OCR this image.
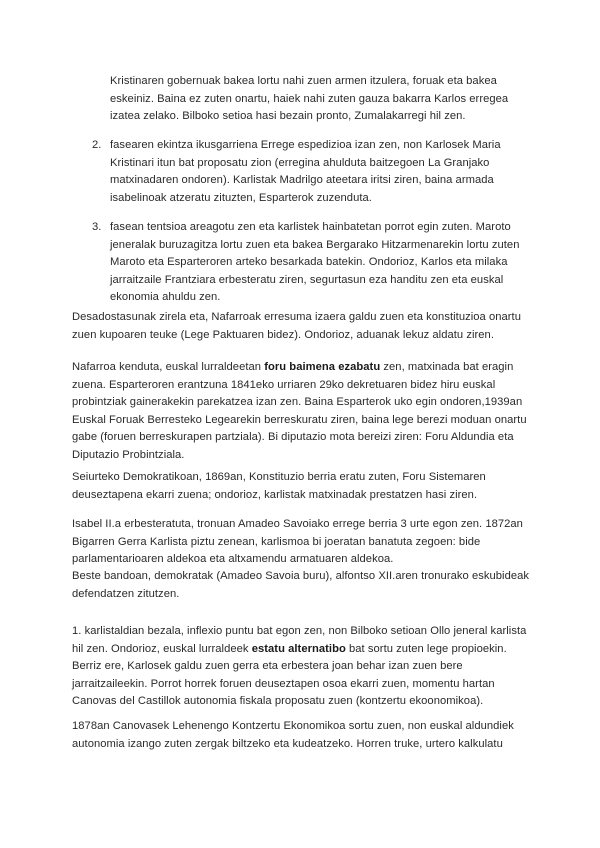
Kristinaren gobernuak bakea lortu nahi zuen armen itzulera, foruak eta bakea eskeiniz. Baina ez zuten onartu, haiek nahi zuten gauza bakarra Karlos erregea izatea zelako. Bilboko setioa hasi bezain pronto, Zumalakarregi hil zen.

2. fasearen ekintza ikusgarriena Errege espedizioa izan zen, non Karlosek Maria Kristinari itun bat proposatu zion (erregina ahulduta baitzegoen La Granjako matxinadaren ondoren). Karlistak Madrilgo ateetara iritsi ziren, baina armada isabelinoak atzeratu zituzten, Esparterok zuzenduta.

3. fasean tentsioa areagotu zen eta karlistek hainbatetan porrot egin zuten. Maroto jeneralak buruzagitza lortu zuen eta bakea Bergarako Hitzarmenarekin lortu zuten Maroto eta Esparteroren arteko besarkada batekin. Ondorioz, Karlos eta milaka jarraitzaile Frantziara erbesteratu ziren, segurtasun eza handitu zen eta euskal ekonomia ahuldu zen.

Desadostasunak zirela eta, Nafarroak erresuma izaera galdu zuen eta konstituzioa onartu zuen kupoaren teuke (Lege Paktuaren bidez). Ondorioz, aduanak lekuz aldatu ziren.

Nafarroa kenduta, euskal lurraldeetan foru baimena ezabatu zen, matxinada bat eragin zuena. Esparteroren erantzuna 1841eko urriaren 29ko dekretuaren bidez hiru euskal probintziak gainerakekin parekatzea izan zen. Baina Esparterok uko egin ondoren,1939an Euskal Foruak Berresteko Legearekin berreskuratu ziren, baina lege berezi moduan onartu gabe (foruen berreskurapen partziala). Bi diputazio mota bereizi ziren: Foru Aldundia eta Diputazio Probintziala.

Seiurteko Demokratikoan, 1869an, Konstituzio berria eratu zuten, Foru Sistemaren deuseztapena ekarri zuena; ondorioz, karlistak matxinadak prestatzen hasi ziren.

Isabel II.a erbesteratuta, tronuan Amadeo Savoiako errege berria 3 urte egon zen. 1872an Bigarren Gerra Karlista piztu zenean, karlismoa bi joeratan banatuta zegoen: bide parlamentarioaren aldekoa eta altxamendu armatuaren aldekoa.

Beste bandoan, demokratak (Amadeo Savoia buru), alfontso XII.aren tronurako eskubideak defendatzen zitutzen.

1. karlistaldian bezala, inflexio puntu bat egon zen, non Bilboko setioan Ollo jeneral karlista hil zen. Ondorioz, euskal lurraldeek estatu alternatibo bat sortu zuten lege propioekin. Berriz ere, Karlosek galdu zuen gerra eta erbestera joan behar izan zuen bere jarraitzaileekin. Porrot horrek foruen deuseztapen osoa ekarri zuen, momentu hartan Canovas del Castillok autonomia fiskala proposatu zuen (kontzertu ekoonomikoa).

1878an Canovasek Lehenengo Kontzertu Ekonomikoa sortu zuen, non euskal aldundiek autonomia izango zuten zergak biltzeko eta kudeatzeko. Horren truke, urtero kalkulatu
